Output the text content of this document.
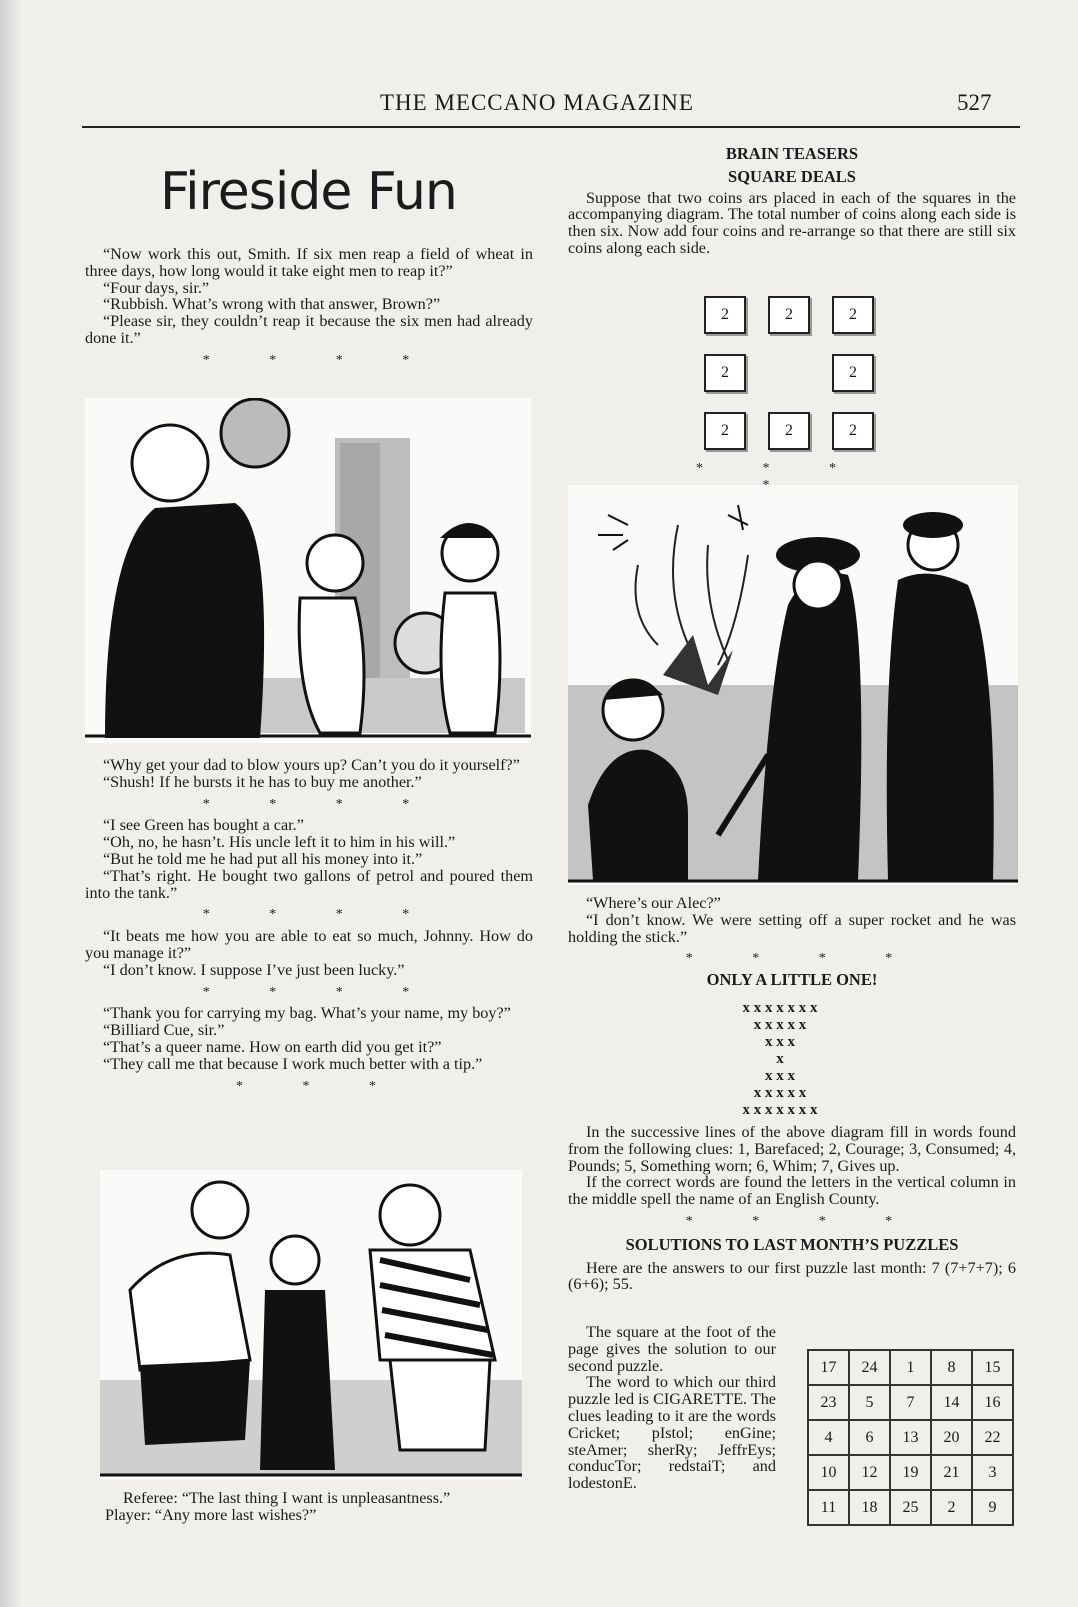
THE MECCANO MAGAZINE	527
Fireside Fun

“Now work this out, Smith. If six men reap a field of wheat in three days, how long would it take eight men to reap it?”

“Four days, sir.”

“Rubbish. What’s wrong with that answer, Brown?”

“Please sir, they couldn’t reap it because the six men had already done it.”

* * * *

“Why get your dad to blow yours up? Can’t you do it yourself?”

“Shush! If he bursts it he has to buy me another.”

* * * *

“I see Green has bought a car.”

“Oh, no, he hasn’t. His uncle left it to him in his will.”

“But he told me he had put all his money into it.”

“That’s right. He bought two gallons of petrol and poured them into the tank.”

* * * *

“It beats me how you are able to eat so much, Johnny. How do you manage it?”

“I don’t know. I suppose I’ve just been lucky.”

* * * *

“Thank you for carrying my bag. What’s your name, my boy?”

“Billiard Cue, sir.”

“That’s a queer name. How on earth did you get it?”

“They call me that because I work much better with a tip.”

* * *

Referee: “The last thing I want is unpleasantness.”

Player: “Any more last wishes?”

BRAIN TEASERS
SQUARE DEALS

Suppose that two coins ars placed in each of the squares in the accompanying diagram. The total number of coins along each side is then six. Now add four coins and re-arrange so that there are still six coins along each side.

2	2	2
2	2
2	2	2
* * *

“Where’s our Alec?”

“I don’t know. We were setting off a super rocket and he was holding the stick.”

* * * *
ONLY A LITTLE ONE!
x x x x x x x
x x x x x
x x x
x
x x x
x x x x x
x x x x x x x

In the successive lines of the above diagram fill in words found from the following clues: 1, Barefaced; 2, Courage; 3, Consumed; 4, Pounds; 5, Something worn; 6, Whim; 7, Gives up.

If the correct words are found the letters in the vertical column in the middle spell the name of an English County.

* * * *
SOLUTIONS TO LAST MONTH’S PUZZLES

Here are the answers to our first puzzle last month: 7 (7+7+7); 6 (6+6); 55.

The square at the foot of the page gives the solution to our second puzzle.

The word to which our third puzzle led is CIGARETTE. The clues leading to it are the words Cricket; pIstol; enGine; steAmer; sherRy; JeffrEys; conducTor; redstaiT; and lodestonE.

17	24	1	8	15
23	5	7	14	16
4	6	13	20	22
10	12	19	21	3
11	18	25	2	9
